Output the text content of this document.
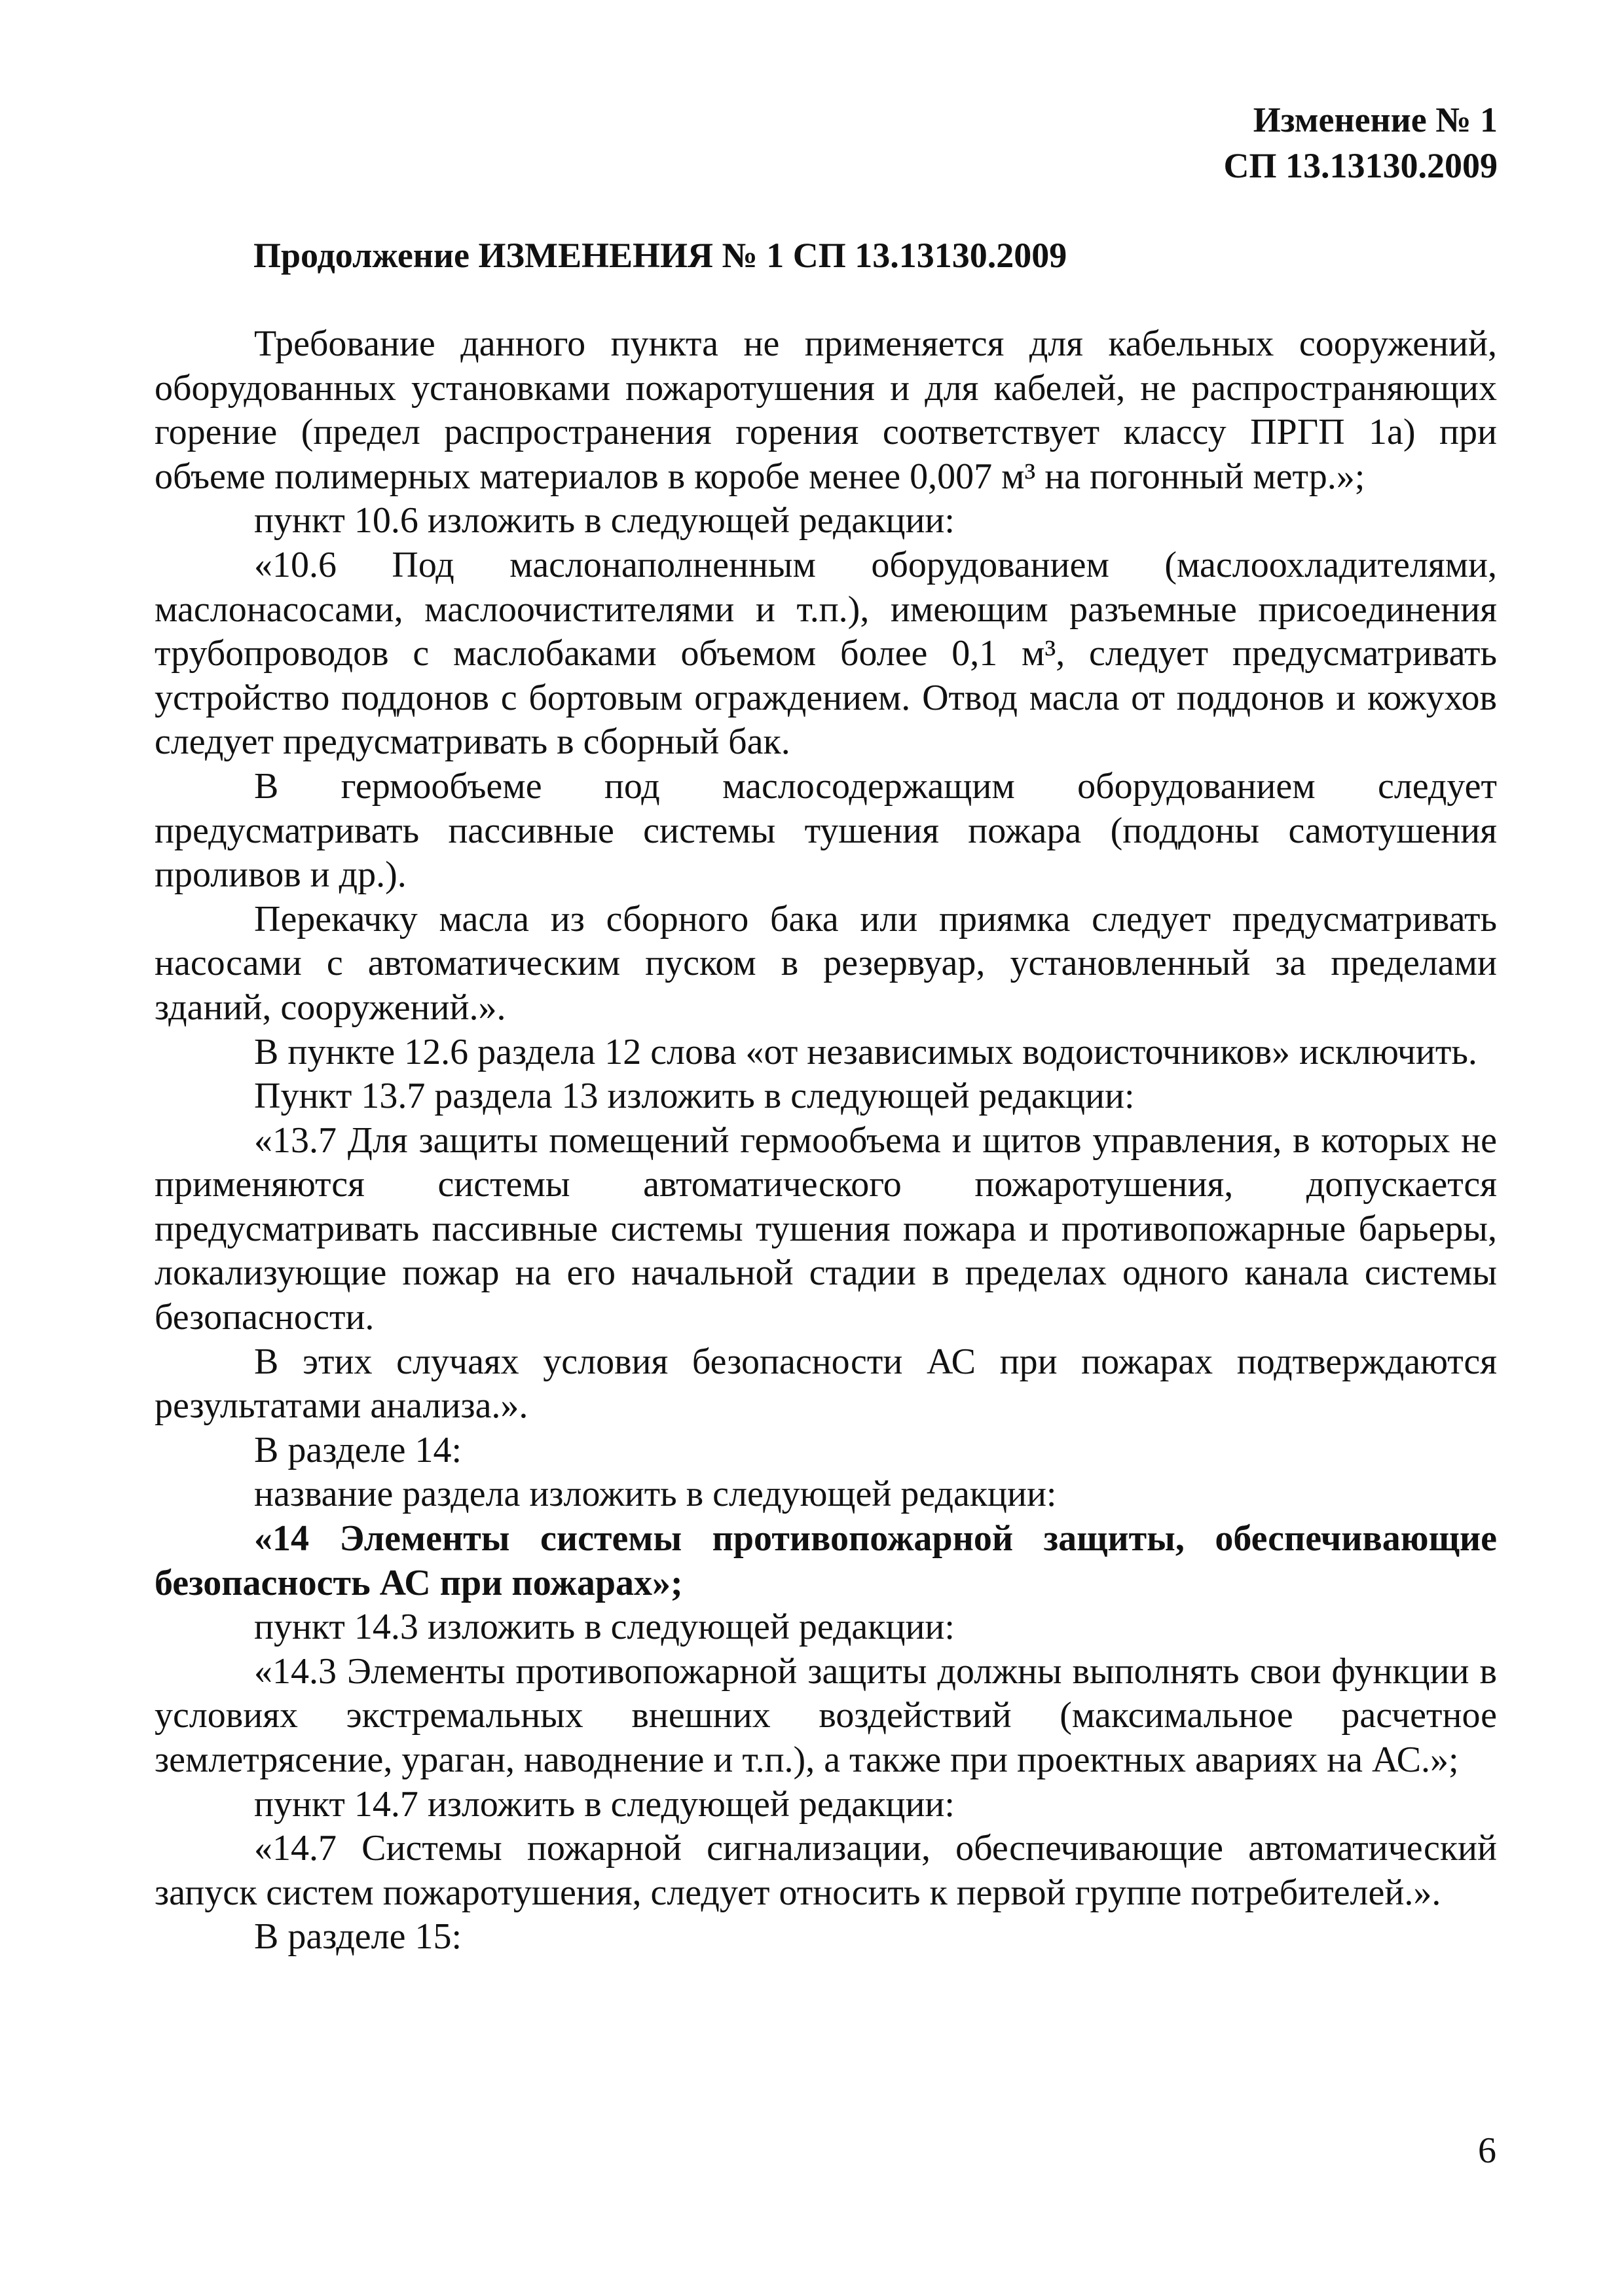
Изменение № 1
СП 13.13130.2009
Продолжение ИЗМЕНЕНИЯ № 1 СП 13.13130.2009

Требование данного пункта не применяется для кабельных сооружений, оборудованных установками пожаротушения и для кабелей, не распространяющих горение (предел распространения горения соответствует классу ПРГП 1а) при объеме полимерных материалов в коробе менее 0,007 м³ на погонный метр.»;

пункт 10.6 изложить в следующей редакции:

«10.6 Под маслонаполненным оборудованием (маслоохладителями, маслонасосами, маслоочистителями и т.п.), имеющим разъемные присоединения трубопроводов с маслобаками объемом более 0,1 м³, следует предусматривать устройство поддонов с бортовым ограждением. Отвод масла от поддонов и кожухов следует предусматривать в сборный бак.

В гермообъеме под маслосодержащим оборудованием следует предусматривать пассивные системы тушения пожара (поддоны самотушения проливов и др.).

Перекачку масла из сборного бака или приямка следует предусматривать насосами с автоматическим пуском в резервуар, установленный за пределами зданий, сооружений.».

В пункте 12.6 раздела 12 слова «от независимых водоисточников» исключить.

Пункт 13.7 раздела 13 изложить в следующей редакции:

«13.7 Для защиты помещений гермообъема и щитов управления, в которых не применяются системы автоматического пожаротушения, допускается предусматривать пассивные системы тушения пожара и противопожарные барьеры, локализующие пожар на его начальной стадии в пределах одного канала системы безопасности.

В этих случаях условия безопасности АС при пожарах подтверждаются результатами анализа.».

В разделе 14:

название раздела изложить в следующей редакции:

«14 Элементы системы противопожарной защиты, обеспечивающие безопасность АС при пожарах»;

пункт 14.3 изложить в следующей редакции:

«14.3 Элементы противопожарной защиты должны выполнять свои функции в условиях экстремальных внешних воздействий (максимальное расчетное землетрясение, ураган, наводнение и т.п.), а также при проектных авариях на АС.»;

пункт 14.7 изложить в следующей редакции:

«14.7 Системы пожарной сигнализации, обеспечивающие автоматический запуск систем пожаротушения, следует относить к первой группе потребителей.».

В разделе 15:

6
